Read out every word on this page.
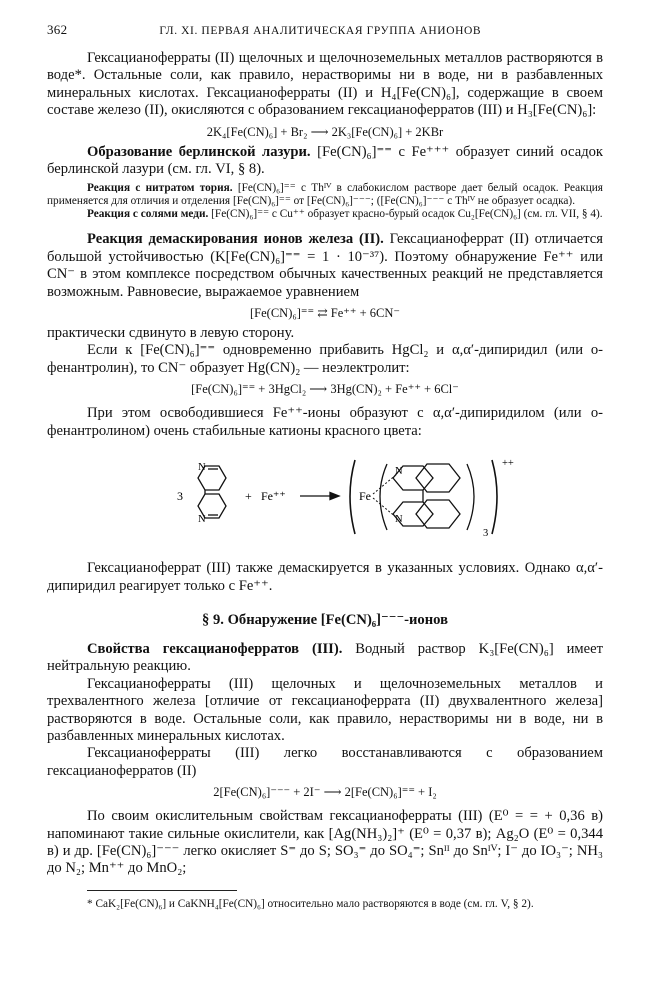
362	ГЛ. XI. ПЕРВАЯ АНАЛИТИЧЕСКАЯ ГРУППА АНИОНОВ

Гексацианоферраты (II) щелочных и щелочноземельных металлов растворяются в воде*. Остальные соли, как правило, нерастворимы ни в воде, ни в разбавленных минеральных кислотах. Гексацианоферраты (II) и H₄[Fe(CN)₆], содержащие в своем составе железо (II), окисляются с образованием гексацианоферратов (III) и H₃[Fe(CN)₆]:

2K₄[Fe(CN)₆] + Br₂ ⟶ 2K₃[Fe(CN)₆] + 2KBr

Образование берлинской лазури. [Fe(CN)₆]⁼⁼ с Fe⁺⁺⁺ образует синий осадок берлинской лазури (см. гл. VI, § 8).

Реакция с нитратом тория. [Fe(CN)₆]⁼⁼ с Thᴵⱽ в слабокислом растворе дает белый осадок. Реакция применяется для отличия и отделения [Fe(CN)₆]⁼⁼ от [Fe(CN)₆]⁻⁻⁻; ([Fe(CN)₆]⁻⁻⁻ с Thᴵⱽ не образует осадка).

Реакция с солями меди. [Fe(CN)₆]⁼⁼ с Cu⁺⁺ образует красно-бурый осадок Cu₂[Fe(CN)₆] (см. гл. VII, § 4).

Реакция демаскирования ионов железа (II). Гексацианоферрат (II) отличается большой устойчивостью (K[Fe(CN)₆]⁼⁼ = 1 · 10⁻³⁷). Поэтому обнаружение Fe⁺⁺ или CN⁻ в этом комплексе посредством обычных качественных реакций не представляется возможным. Равновесие, выражаемое уравнением

[Fe(CN)₆]⁼⁼ ⇄ Fe⁺⁺ + 6CN⁻

практически сдвинуто в левую сторону.

Если к [Fe(CN)₆]⁼⁼ одновременно прибавить HgCl₂ и α,α′-дипиридил (или o-фенантролин), то CN⁻ образует Hg(CN)₂ — неэлектролит:

[Fe(CN)₆]⁼⁼ + 3HgCl₂ ⟶ 3Hg(CN)₂ + Fe⁺⁺ + 6Cl⁻

При этом освободившиеся Fe⁺⁺-ионы образуют с α,α′-дипиридилом (или o-фенантролином) очень стабильные катионы красного цвета:

3
N
N
+ Fe⁺⁺
++
3
Fe
N
N

Гексацианоферрат (III) также демаскируется в указанных условиях. Однако α,α′-дипиридил реагирует только с Fe⁺⁺.

§ 9. Обнаружение [Fe(CN)₆]⁻⁻⁻-ионов

Свойства гексацианоферратов (III). Водный раствор K₃[Fe(CN)₆] имеет нейтральную реакцию.

Гексацианоферраты (III) щелочных и щелочноземельных металлов и трехвалентного железа [отличие от гексацианоферрата (II) двухвалентного железа] растворяются в воде. Остальные соли, как правило, нерастворимы ни в воде, ни в разбавленных минеральных кислотах.

Гексацианоферраты (III) легко восстанавливаются с образованием гексацианоферратов (II)

2[Fe(CN)₆]⁻⁻⁻ + 2I⁻ ⟶ 2[Fe(CN)₆]⁼⁼ + I₂

По своим окислительным свойствам гексацианоферраты (III) (E⁰ = = + 0,36 в) напоминают такие сильные окислители, как [Ag(NH₃)₂]⁺ (E⁰ = 0,37 в); Ag₂O (E⁰ = 0,344 в) и др. [Fe(CN)₆]⁻⁻⁻ легко окисляет S⁼ до S; SO₃⁼ до SO₄⁼; Snᴵᴵ до Snᴵⱽ; I⁻ до IO₃⁻; NH₃ до N₂; Mn⁺⁺ до MnO₂;

* CaK₂[Fe(CN)₆] и CaKNH₄[Fe(CN)₆] относительно мало растворяются в воде (см. гл. V, § 2).
